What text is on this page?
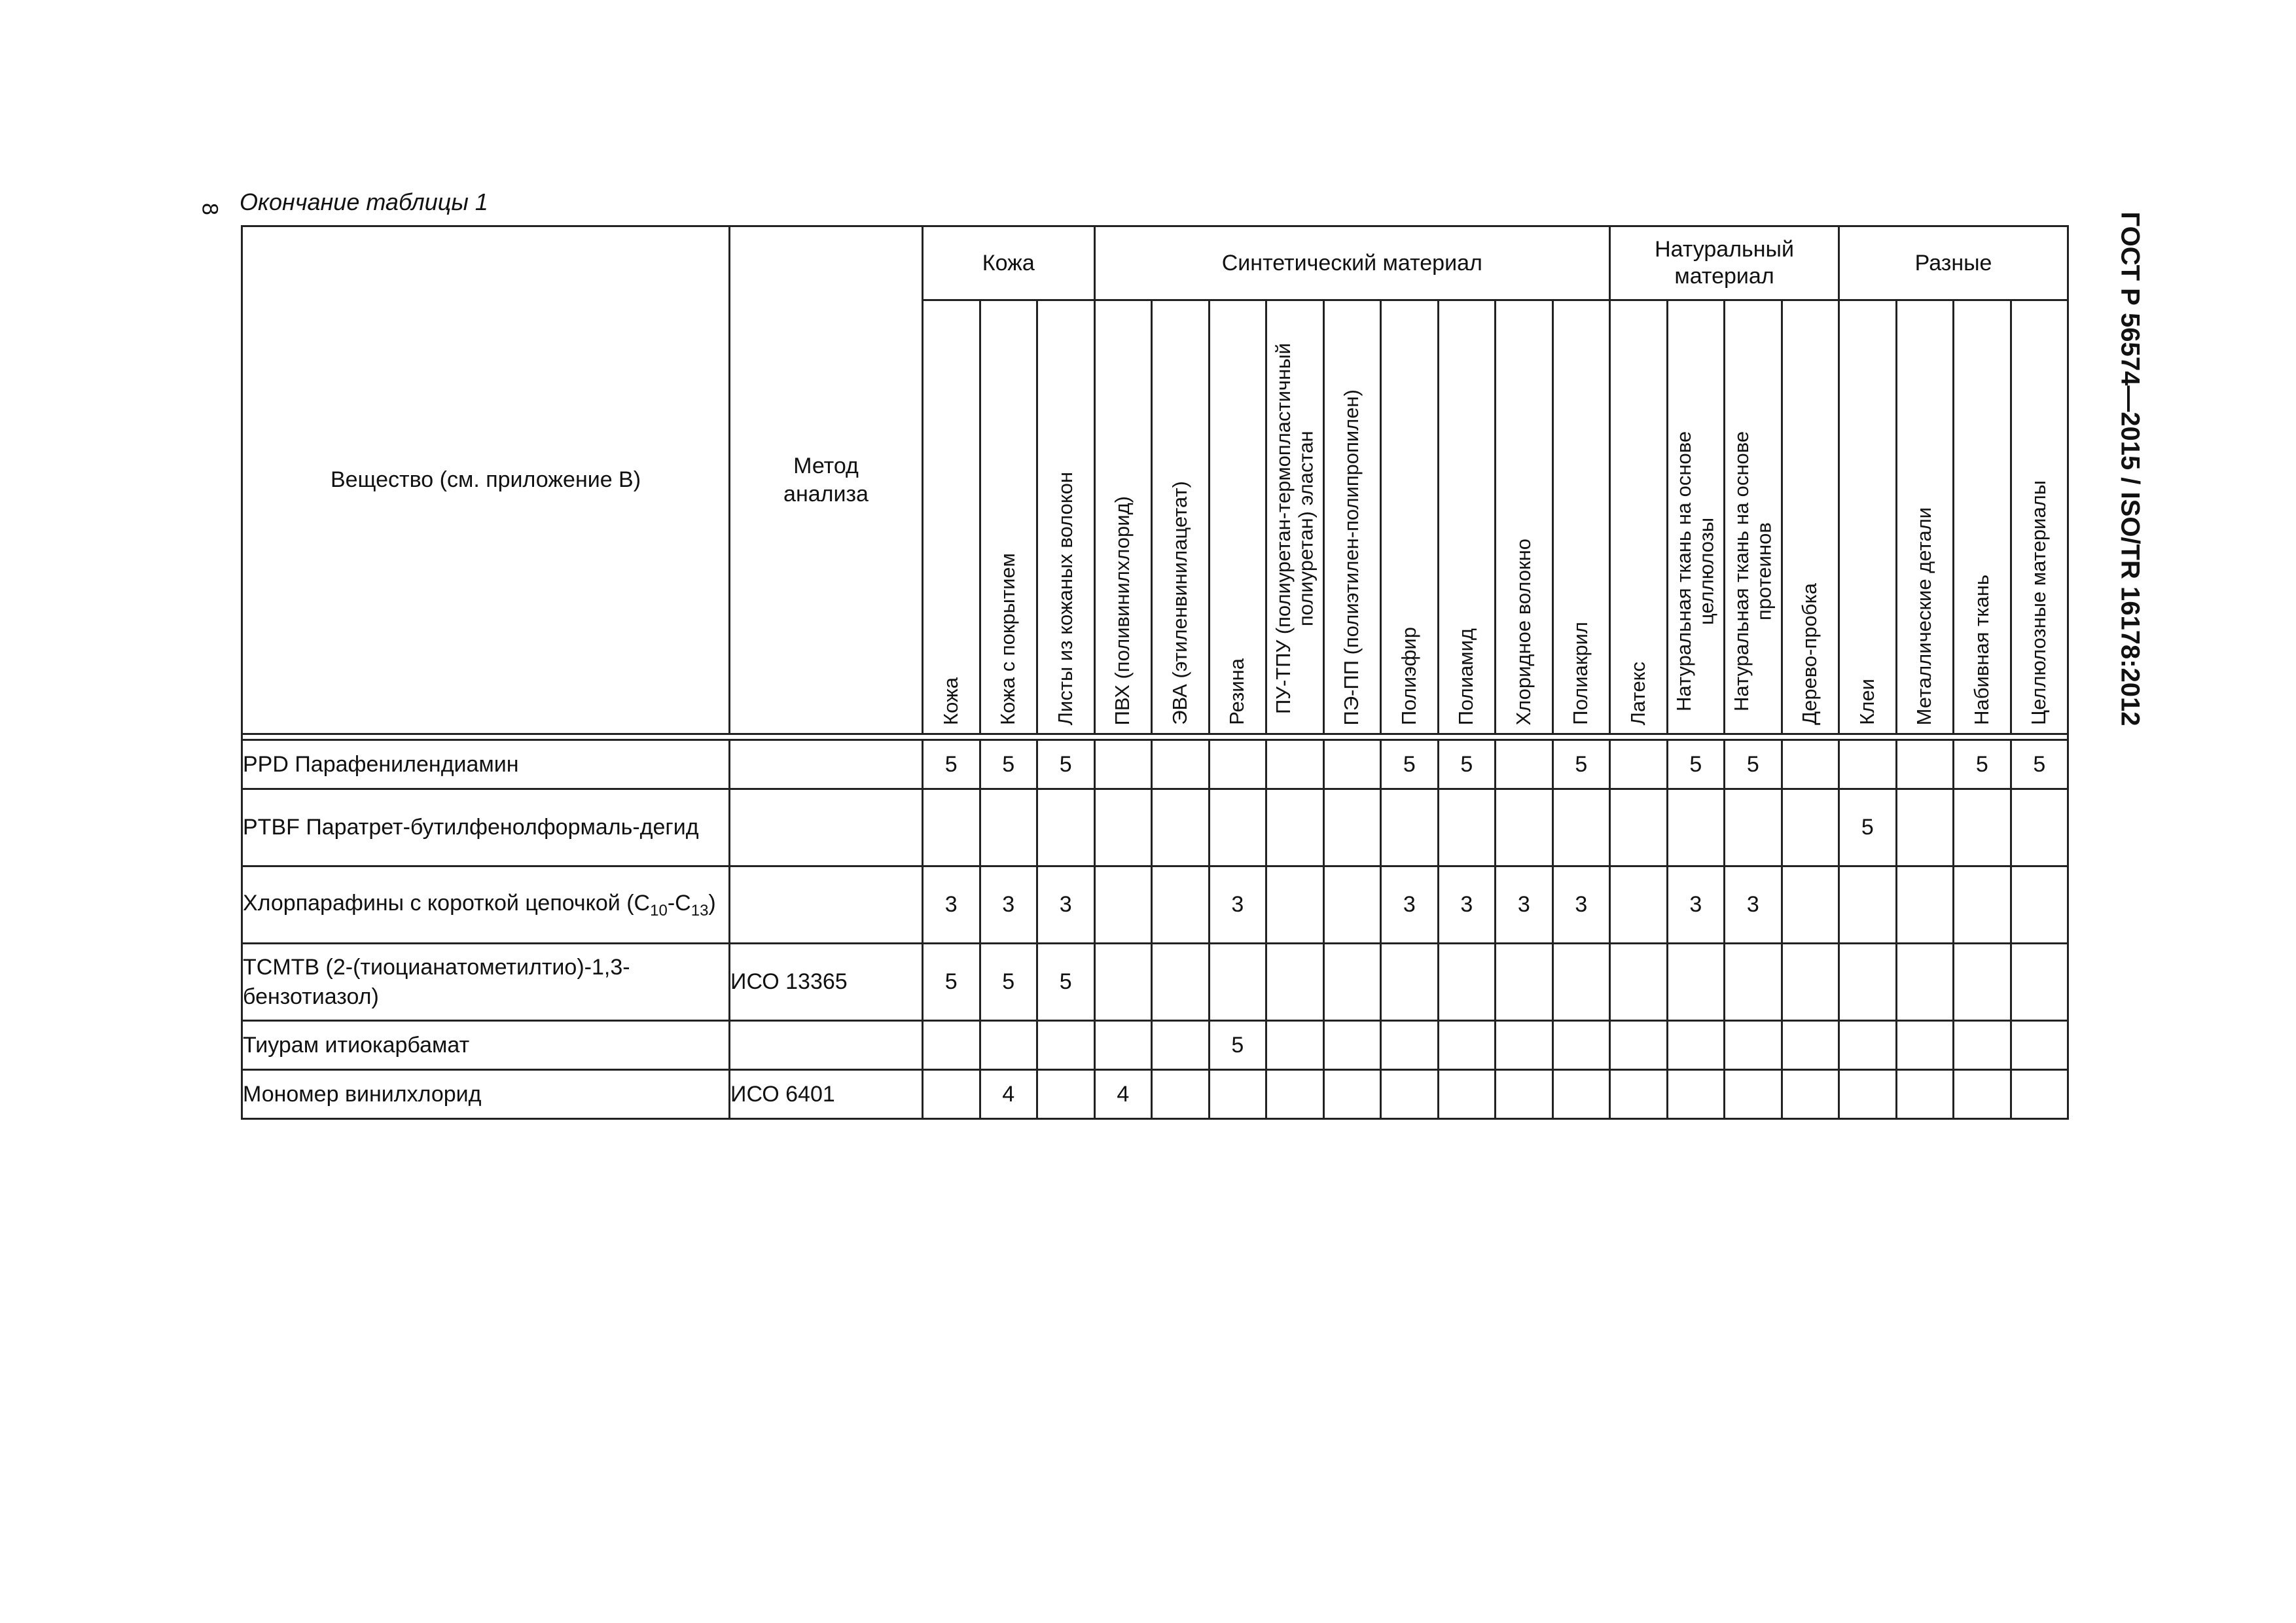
8 Окончание таблицы 1
ГОСТ Р 56574—2015 / ISO/TR 16178:2012
Вещество (см. приложение В)	Метод анализа	Кожа			Синтетический материал									Натуральный материал				Разные			

		Кожа	Кожа с покрытием	Листы из кожаных волокон	ПВХ (поливинилхлорид)	ЭВА (этиленвинилацетат)	Резина	ПУ-ТПУ (полиуретан-термопластичный полиуретан) эластан	ПЭ-ПП (полиэтилен-полипропилен)	Полиэфир	Полиамид	Хлоридное волокно	Полиакрил	Латекс	Натуральная ткань на основе целлюлозы	Натуральная ткань на основе протеинов	Дерево-пробка	Клеи	Металлические детали	Набивная ткань	Целлюлозные материалы

PPD Парафенилендиамин		5	5	5						5	5		5		5	5				5	5
PTBF Паратрет-бутилфенолформаль-дегид																		5			
Хлорпарафины с короткой цепочкой $(C_{10}-C_{13})$		3	3	3			3			3	3	3	3		3	3					
TCMTB (2-(тиоцианатометилтио)-1,3-бензотиазол)	ИСО 13365	5	5	5																	
Тиурам итиокарбамат							5														
Мономер винилхлорид	ИСО 6401		4		4																
